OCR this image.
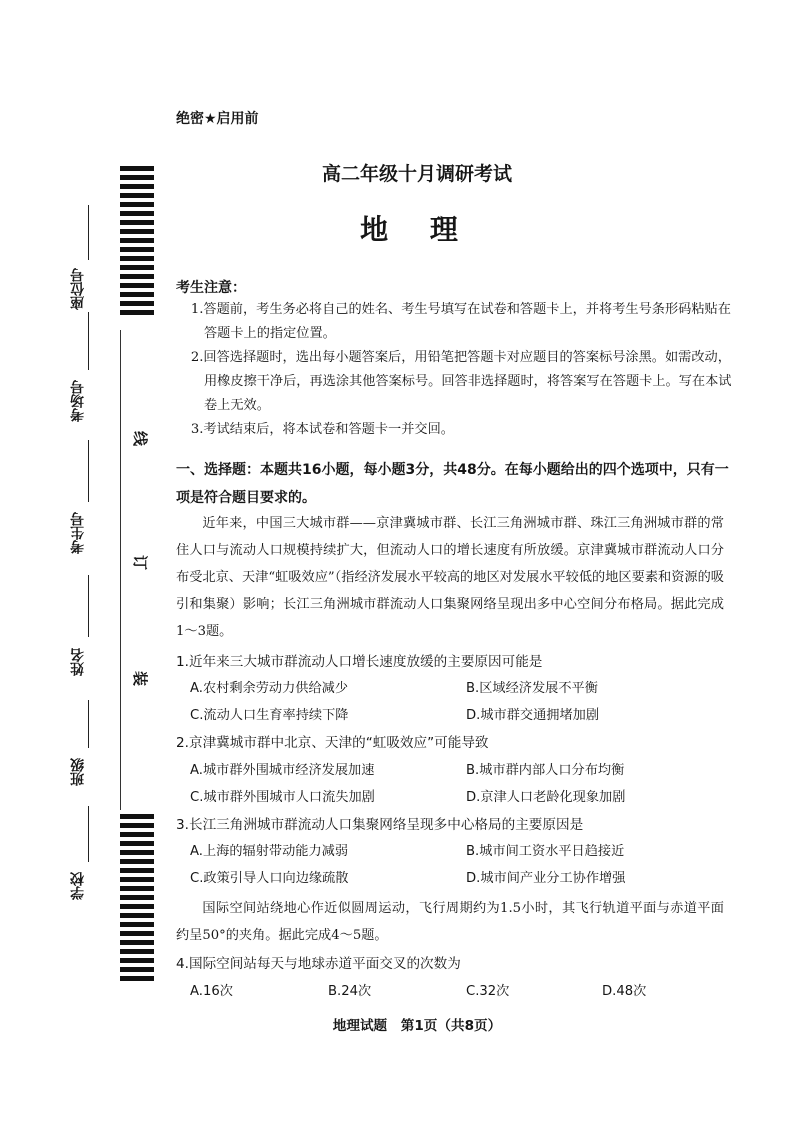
线
订
装
座位号
考场号
考生号
姓名
班级
学校
绝密★启用前
高二年级十月调研考试
地 理
考生注意：
1.答题前，考生务必将自己的姓名、考生号填写在试卷和答题卡上，并将考生号条形码粘贴在答题卡上的指定位置。
2.回答选择题时，选出每小题答案后，用铅笔把答题卡对应题目的答案标号涂黑。如需改动，用橡皮擦干净后，再选涂其他答案标号。回答非选择题时，将答案写在答题卡上。写在本试卷上无效。
3.考试结束后，将本试卷和答题卡一并交回。
一、选择题：本题共16小题，每小题3分，共48分。在每小题给出的四个选项中，只有一项是符合题目要求的。
近年来，中国三大城市群——京津冀城市群、长江三角洲城市群、珠江三角洲城市群的常住人口与流动人口规模持续扩大，但流动人口的增长速度有所放缓。京津冀城市群流动人口分布受北京、天津“虹吸效应”（指经济发展水平较高的地区对发展水平较低的地区要素和资源的吸引和集聚）影响；长江三角洲城市群流动人口集聚网络呈现出多中心空间分布格局。据此完成1～3题。
1.近年来三大城市群流动人口增长速度放缓的主要原因可能是
A.农村剩余劳动力供给减少	B.区域经济发展不平衡
C.流动人口生育率持续下降	D.城市群交通拥堵加剧
2.京津冀城市群中北京、天津的“虹吸效应”可能导致
A.城市群外围城市经济发展加速	B.城市群内部人口分布均衡
C.城市群外围城市人口流失加剧	D.京津人口老龄化现象加剧
3.长江三角洲城市群流动人口集聚网络呈现多中心格局的主要原因是
A.上海的辐射带动能力减弱	B.城市间工资水平日趋接近
C.政策引导人口向边缘疏散	D.城市间产业分工协作增强
国际空间站绕地心作近似圆周运动，飞行周期约为1.5小时，其飞行轨道平面与赤道平面约呈50°的夹角。据此完成4～5题。
4.国际空间站每天与地球赤道平面交叉的次数为
A.16次	B.24次	C.32次	D.48次
地理试题　第1页（共8页）
